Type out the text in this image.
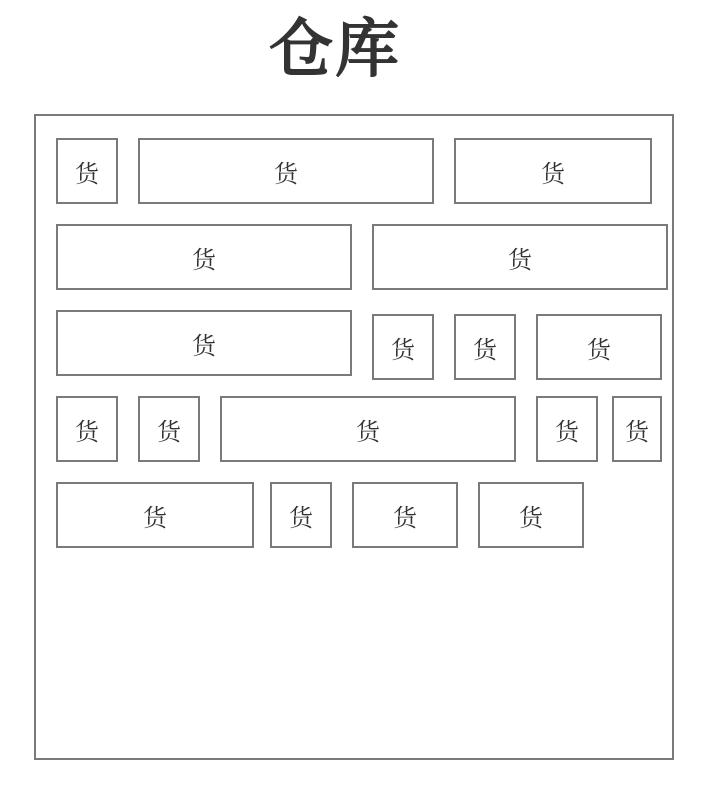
仓库
货	货	货
货	货
货	货	货	货
货	货	货	货	货
货	货	货	货
